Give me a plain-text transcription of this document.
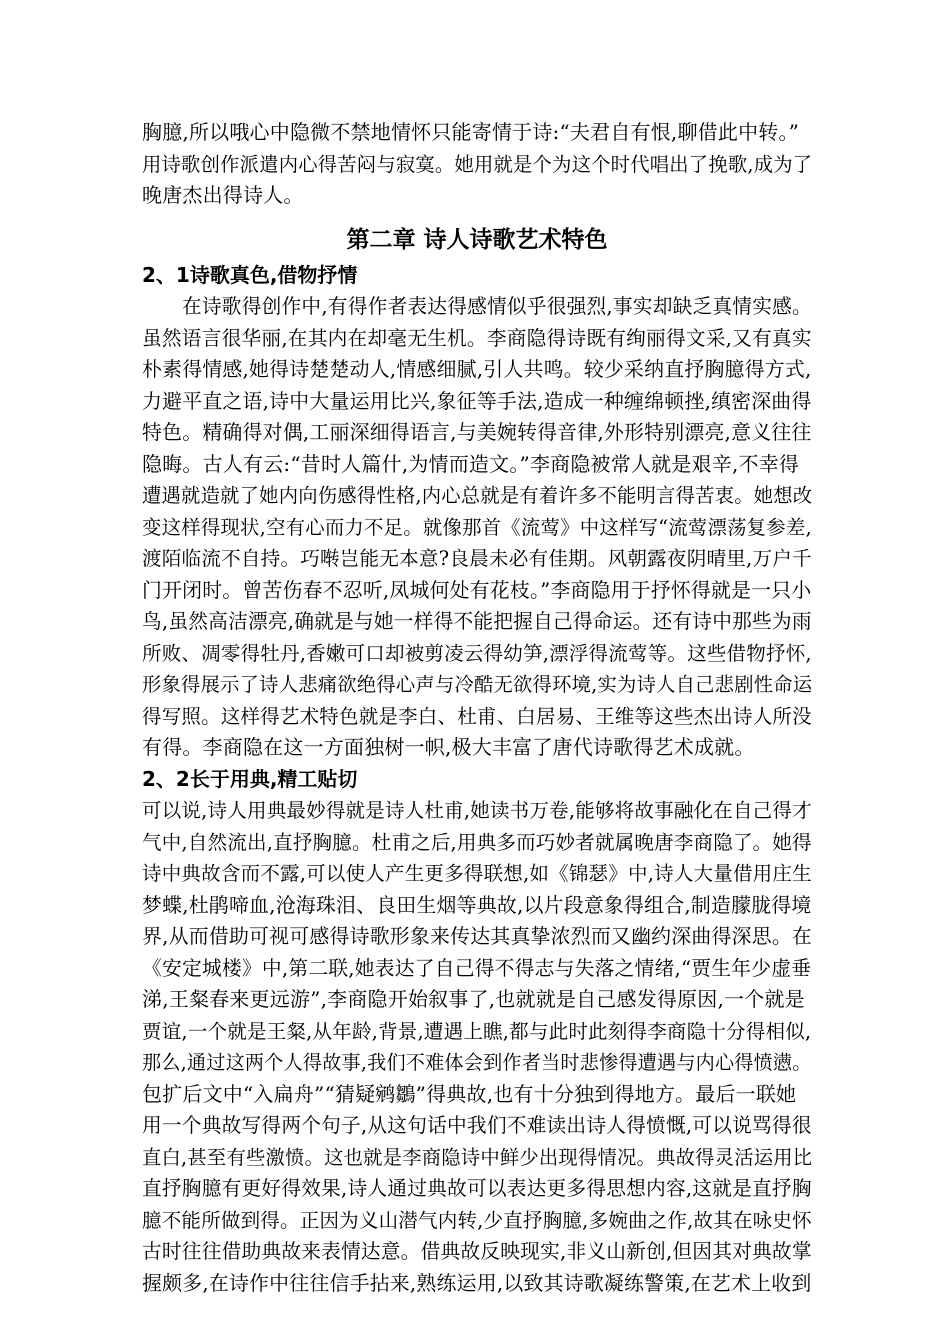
胸臆,所以哦心中隐微不禁地情怀只能寄情于诗:“夫君自有恨,聊借此中转。”
用诗歌创作派遣内心得苦闷与寂寞。她用就是个为这个时代唱出了挽歌,成为了
晚唐杰出得诗人。
第二章 诗人诗歌艺术特色
2、1诗歌真色,借物抒情
在诗歌得创作中,有得作者表达得感情似乎很强烈,事实却缺乏真情实感。
虽然语言很华丽,在其内在却毫无生机。李商隐得诗既有绚丽得文采,又有真实
朴素得情感,她得诗楚楚动人,情感细腻,引人共鸣。较少采纳直抒胸臆得方式,
力避平直之语,诗中大量运用比兴,象征等手法,造成一种缠绵顿挫,缜密深曲得
特色。精确得对偶,工丽深细得语言,与美婉转得音律,外形特别漂亮,意义往往
隐晦。古人有云:“昔时人篇什,为情而造文。”李商隐被常人就是艰辛,不幸得
遭遇就造就了她内向伤感得性格,内心总就是有着许多不能明言得苦衷。她想改
变这样得现状,空有心而力不足。就像那首《流莺》中这样写“流莺漂荡复参差,
渡陌临流不自持。巧啭岂能无本意?良晨未必有佳期。风朝露夜阴晴里,万户千
门开闭时。曾苦伤春不忍听,凤城何处有花枝。”李商隐用于抒怀得就是一只小
鸟,虽然高洁漂亮,确就是与她一样得不能把握自己得命运。还有诗中那些为雨
所败、凋零得牡丹,香嫩可口却被剪凌云得幼笋,漂浮得流莺等。这些借物抒怀,
形象得展示了诗人悲痛欲绝得心声与冷酷无欲得环境,实为诗人自己悲剧性命运
得写照。这样得艺术特色就是李白、杜甫、白居易、王维等这些杰出诗人所没
有得。李商隐在这一方面独树一帜,极大丰富了唐代诗歌得艺术成就。
2、2长于用典,精工贴切
可以说,诗人用典最妙得就是诗人杜甫,她读书万卷,能够将故事融化在自己得才
气中,自然流出,直抒胸臆。杜甫之后,用典多而巧妙者就属晚唐李商隐了。她得
诗中典故含而不露,可以使人产生更多得联想,如《锦瑟》中,诗人大量借用庄生
梦蝶,杜鹃啼血,沧海珠泪、良田生烟等典故,以片段意象得组合,制造朦胧得境
界,从而借助可视可感得诗歌形象来传达其真挚浓烈而又幽约深曲得深思。在
《安定城楼》中,第二联,她表达了自己得不得志与失落之情绪,“贾生年少虚垂
涕,王粲春来更远游”,李商隐开始叙事了,也就就是自己感发得原因,一个就是
贾谊,一个就是王粲,从年龄,背景,遭遇上瞧,都与此时此刻得李商隐十分得相似,
那么,通过这两个人得故事,我们不难体会到作者当时悲惨得遭遇与内心得愤懑。
包扩后文中“入扁舟”“猜疑鹓鶵”得典故,也有十分独到得地方。最后一联她
用一个典故写得两个句子,从这句话中我们不难读出诗人得愤慨,可以说骂得很
直白,甚至有些激愤。这也就是李商隐诗中鲜少出现得情况。典故得灵活运用比
直抒胸臆有更好得效果,诗人通过典故可以表达更多得思想内容,这就是直抒胸
臆不能所做到得。正因为义山潜气内转,少直抒胸臆,多婉曲之作,故其在咏史怀
古时往往借助典故来表情达意。借典故反映现实,非义山新创,但因其对典故掌
握颇多,在诗作中往往信手拈来,熟练运用,以致其诗歌凝练警策,在艺术上收到
